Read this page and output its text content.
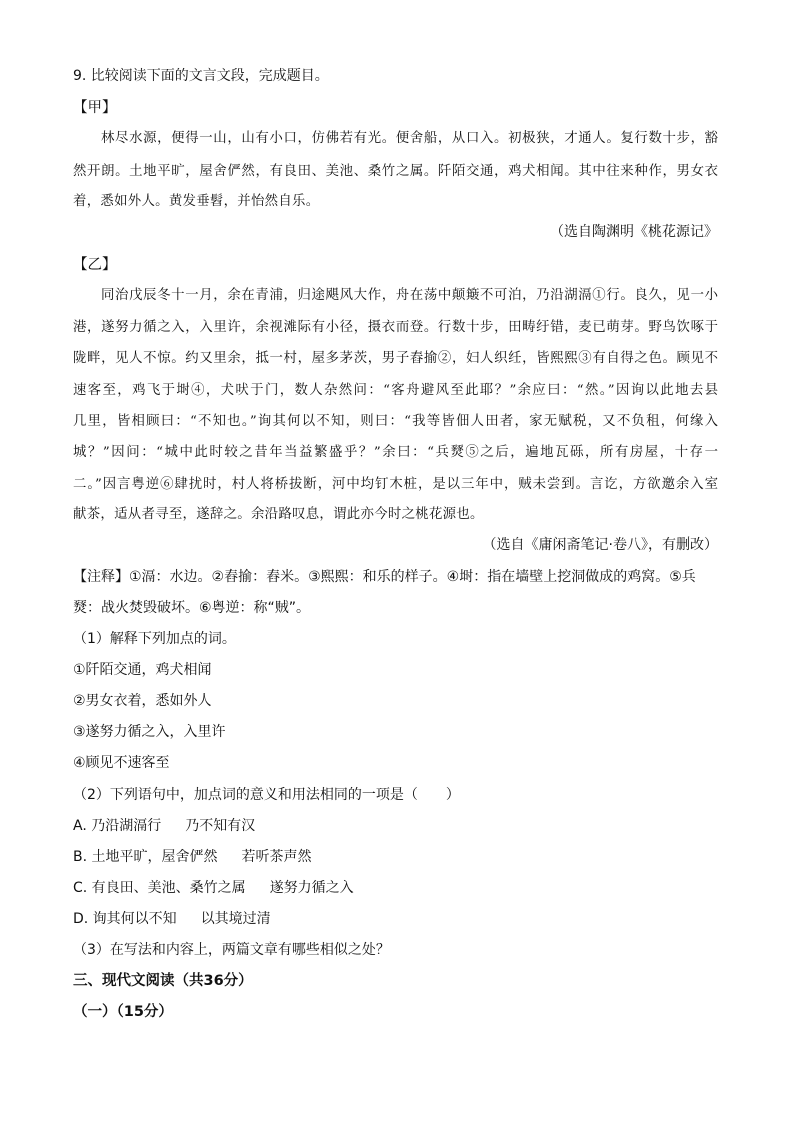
9. 比较阅读下面的文言文段，完成题目。
【甲】
林尽水源，便得一山，山有小口，仿佛若有光。便舍船，从口入。初极狭，才通人。复行数十步，豁
然开朗。土地平旷，屋舍俨然，有良田、美池、桑竹之属。阡陌交通，鸡犬相闻。其中往来种作，男女衣
着，悉如外人。黄发垂髫，并怡然自乐。
（选自陶渊明《桃花源记》
【乙】
同治戊辰冬十一月，余在青浦，归途飓风大作，舟在荡中颠簸不可泊，乃沿湖滆①行。良久，见一小
港，遂努力循之入，入里许，余视滩际有小径，摄衣而登。行数十步，田畴纡错，麦已萌芽。野鸟饮啄于
陇畔，见人不惊。约又里余，抵一村，屋多茅茨，男子舂揄②，妇人织纴，皆熙熙③有自得之色。顾见不
速客至，鸡飞于埘④，犬吠于门，数人杂然问：“客舟避风至此耶？”余应曰：“然。”因询以此地去县
几里，皆相顾曰：“不知也。”询其何以不知，则曰：“我等皆佃人田者，家无赋税，又不负租，何缘入
城？”因问：“城中此时较之昔年当益繁盛乎？”余曰：“兵燹⑤之后，遍地瓦砾，所有房屋，十存一
二。”因言粤逆⑥肆扰时，村人将桥拔断，河中均钉木桩，是以三年中，贼未尝到。言讫，方欲邀余入室
献茶，适从者寻至，遂辞之。余沿路叹息，谓此亦今时之桃花源也。
（选自《庸闲斋笔记·卷八》，有删改）
【注释】①滆：水边。②舂揄：舂米。③熙熙：和乐的样子。④埘：指在墙壁上挖洞做成的鸡窝。⑤兵
燹：战火焚毁破坏。⑥粤逆：称“贼”。
（1）解释下列加点的词。
①阡陌交通，鸡犬相闻
②男女衣着，悉如外人
③遂努力循之入，入里许
④顾见不速客至
（2）下列语句中，加点词的意义和用法相同的一项是（　　）
A. 乃沿湖滆行 乃不知有汉
B. 土地平旷，屋舍俨然 若听茶声然
C. 有良田、美池、桑竹之属 遂努力循之入
D. 询其何以不知 以其境过清
（3）在写法和内容上，两篇文章有哪些相似之处？
三、现代文阅读（共36分）
（一）（15分）
